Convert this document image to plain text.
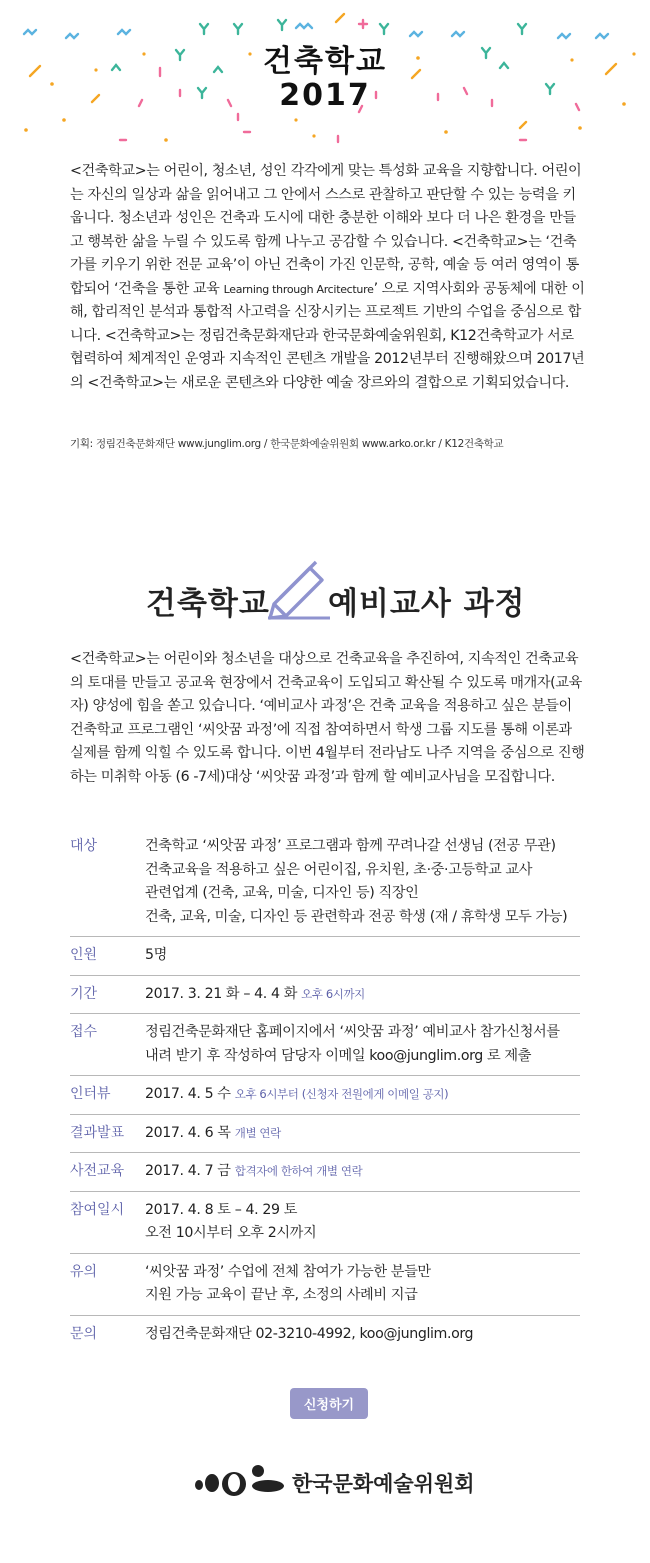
건축학교
2017

<건축학교>는 어린이, 청소년, 성인 각각에게 맞는 특성화 교육을 지향합니다. 어린이는 자신의 일상과 삶을 읽어내고 그 안에서 스스로 관찰하고 판단할 수 있는 능력을 키웁니다. 청소년과 성인은 건축과 도시에 대한 충분한 이해와 보다 더 나은 환경을 만들고 행복한 삶을 누릴 수 있도록 함께 나누고 공감할 수 있습니다. <건축학교>는 ‘건축가를 키우기 위한 전문 교육’이 아닌 건축이 가진 인문학, 공학, 예술 등 여러 영역이 통합되어 ‘건축을 통한 교육 Learning through Arcitecture’ 으로 지역사회와 공동체에 대한 이해, 합리적인 분석과 통합적 사고력을 신장시키는 프로젝트 기반의 수업을 중심으로 합니다. <건축학교>는 정림건축문화재단과 한국문화예술위원회, K12건축학교가 서로 협력하여 체계적인 운영과 지속적인 콘텐츠 개발을 2012년부터 진행해왔으며 2017년의 <건축학교>는 새로운 콘텐츠와 다양한 예술 장르와의 결합으로 기획되었습니다.

기획: 정림건축문화재단 www.junglim.org / 한국문화예술위원회 www.arko.or.kr / K12건축학교
건축학교 예비교사 과정

<건축학교>는 어린이와 청소년을 대상으로 건축교육을 추진하여, 지속적인 건축교육의 토대를 만들고 공교육 현장에서 건축교육이 도입되고 확산될 수 있도록 매개자(교육자) 양성에 힘을 쏟고 있습니다. ‘예비교사 과정’은 건축 교육을 적용하고 싶은 분들이 건축학교 프로그램인 ‘씨앗꿈 과정’에 직접 참여하면서 학생 그룹 지도를 통해 이론과 실제를 함께 익힐 수 있도록 합니다. 이번 4월부터 전라남도 나주 지역을 중심으로 진행하는 미취학 아동 (6 -7세)대상 ‘씨앗꿈 과정’과 함께 할 예비교사님을 모집합니다.

대상	건축학교 ‘씨앗꿈 과정’ 프로그램과 함께 꾸려나갈 선생님 (전공 무관)
건축교육을 적용하고 싶은 어린이집, 유치원, 초·중·고등학교 교사
관련업계 (건축, 교육, 미술, 디자인 등) 직장인
건축, 교육, 미술, 디자인 등 관련학과 전공 학생 (재 / 휴학생 모두 가능)
인원	5명
기간	2017. 3. 21 화 – 4. 4 화 오후 6시까지
접수	정림건축문화재단 홈페이지에서 ‘씨앗꿈 과정’ 예비교사 참가신청서를
내려 받기 후 작성하여 담당자 이메일 koo@junglim.org 로 제출
인터뷰	2017. 4. 5 수 오후 6시부터 (신청자 전원에게 이메일 공지)
결과발표	2017. 4. 6 목 개별 연락
사전교육	2017. 4. 7 금 합격자에 한하여 개별 연락
참여일시	2017. 4. 8 토 – 4. 29 토
오전 10시부터 오후 2시까지
유의	‘씨앗꿈 과정’ 수업에 전체 참여가 가능한 분들만
지원 가능 교육이 끝난 후, 소정의 사례비 지급
문의	정림건축문화재단 02-3210-4992, koo@junglim.org
신청하기
한국문화예술위원회
